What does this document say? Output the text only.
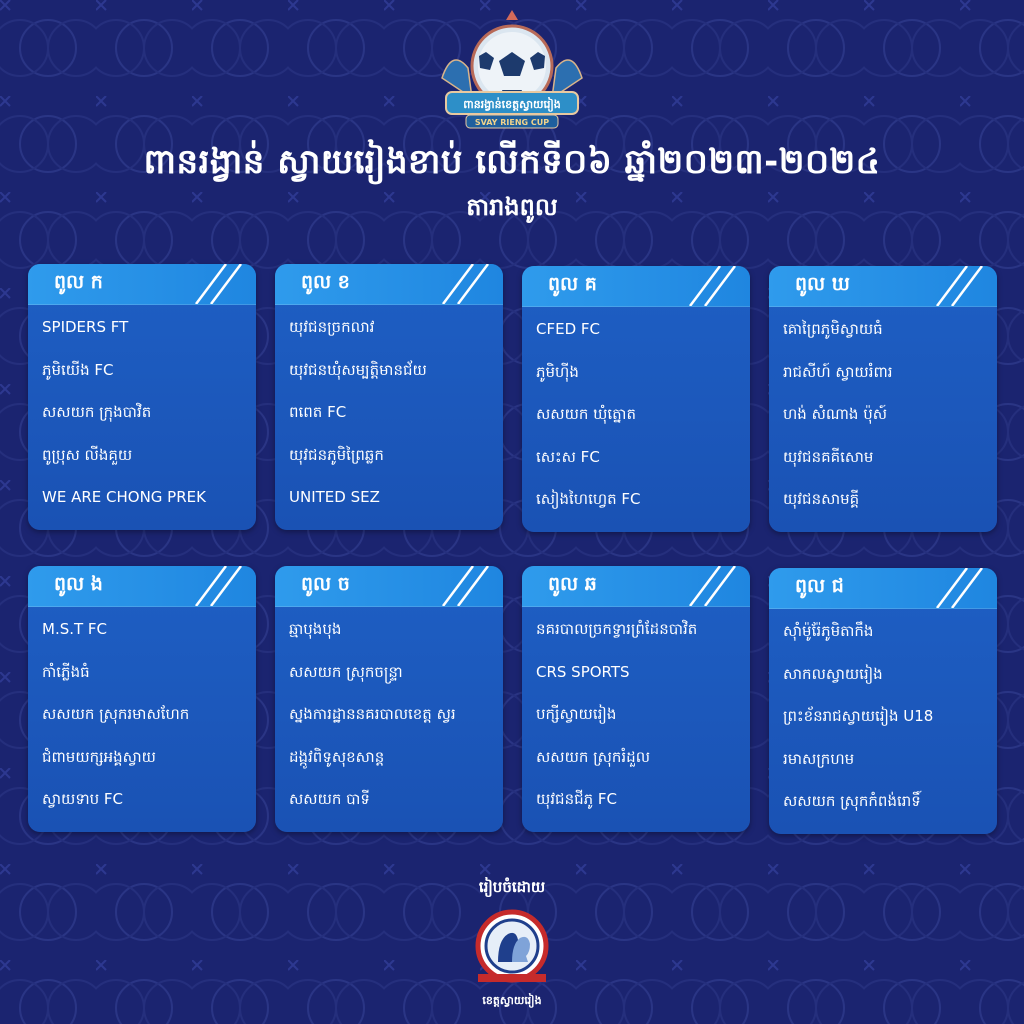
ពានរង្វាន់ខេត្តស្វាយរៀង
SVAY RIENG CUP
ពានរង្វាន់ ស្វាយរៀងខាប់ លើកទី០៦ ឆ្នាំ២០២៣-២០២៤
តារាងពូល
ពូល ក
SPIDERS FT
ភូមិយើង FC
សសយក ក្រុងបាវិត
ពូប្រុស លីងគួយ
WE ARE CHONG PREK
ពូល ខ
យុវជនច្រកលាវ
យុវជនឃុំសម្បត្តិមានជ័យ
ពពេត FC
យុវជនភូមិព្រៃឆ្លក
UNITED SEZ
ពូល គ
CFED FC
ភូមិហ៊ីង
សសយក ឃុំត្នោត
សេះស FC
សៀងហៃហ្វេត FC
ពូល ឃ
គោព្រៃភូមិស្វាយធំ
រាជសីហ៍ ស្វាយរំពារ
ហង់ សំណាង ប៉ុស៍
យុវជនគគីសោម
យុវជនសាមគ្គី
ពូល ង
M.S.T FC
កាំភ្លើងធំ
សសយក ស្រុករមាសហែក
ជំពាមយក្សអង្គស្វាយ
ស្វាយទាប FC
ពូល ច
ឆ្មាបុងបុង
សសយក ស្រុកចន្ទ្រា
ស្នងការដ្ឋាននគរបាលខេត្ត ស្វរ
ដង្កូវពិទូសុខសាន្ត
សសយក បាទី
ពូល ឆ
នគរបាលច្រកទ្វារព្រំដែនបាវិត
CRS SPORTS
បក្សីស្វាយរៀង
សសយក ស្រុករំដួល
យុវជនជីភូ FC
ពូល ជ
ស៊ាំម៉ូរ៉ែភូមិតាកឹង
សាកលស្វាយរៀង
ព្រះខ័នរាជស្វាយរៀង U18
រមាសក្រហម
សសយក ស្រុកកំពង់រោទិ៍
រៀបចំដោយ
ខេត្តស្វាយរៀង
